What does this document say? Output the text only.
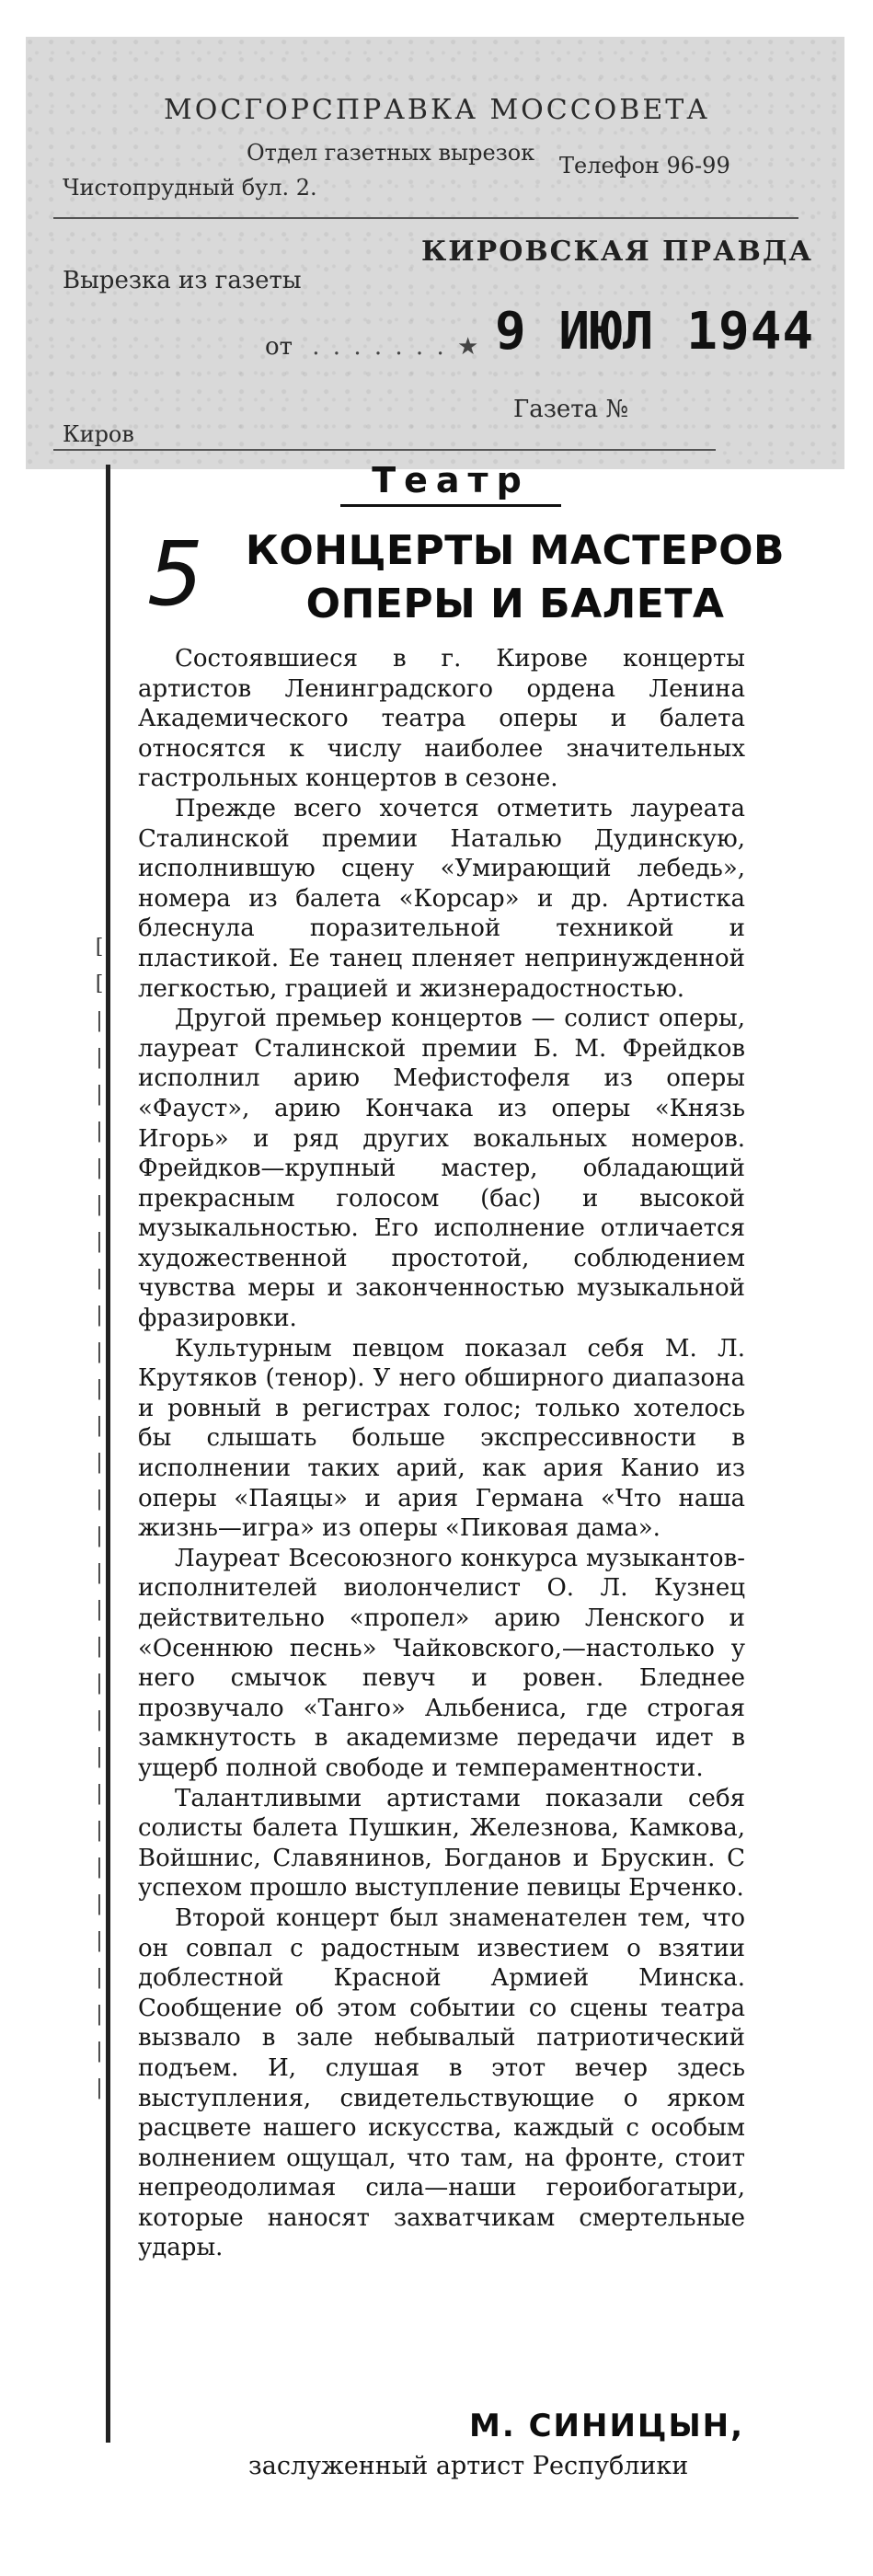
МОСГОРСПРАВКА МОССОВЕТА
Отдел газетных вырезок	Телефон 96-99
Чистопрудный бул. 2.
Вырезка из газеты
КИРОВСКАЯ ПРАВДА
от . . . . . . . ★ 9 ИЮЛ 1944
Киров
Газета №
[
[
|
|
|
|
|
|
|
|
|
|
|
|
|
|
|
|
|
|
|
|
|
|
|
|
|
|
|
|
|
|
Театр
5 КОНЦЕРТЫ МАСТЕРОВ
ОПЕРЫ И БАЛЕТА

Состоявшиеся в г. Кирове концерты артистов Ленинградского ордена Ленина Академического театра оперы и балета относятся к числу наиболее значительных гастрольных концертов в сезоне.

Прежде всего хочется отметить лауреата Сталинской премии Наталью Дудинскую, исполнившую сцену «Умирающий лебедь», номера из балета «Корсар» и др. Артистка блеснула поразительной техникой и пластикой. Ее танец пленяет непринужденной легкостью, грацией и жизнерадостностью.

Другой премьер концертов — солист оперы, лауреат Сталинской премии Б. М. Фрейдков исполнил арию Мефистофеля из оперы «Фауст», арию Кончака из оперы «Князь Игорь» и ряд других вокальных номеров. Фрейдков—крупный мастер, обладающий прекрасным голосом (бас) и высокой музыкальностью. Его исполнение отличается художественной простотой, соблюдением чувства меры и законченностью музыкальной фразировки.

Культурным певцом показал себя М. Л. Крутяков (тенор). У него обширного диапазона и ровный в регистрах голос; только хотелось бы слышать больше экспрессивности в исполнении таких арий, как ария Канио из оперы «Паяцы» и ария Германа «Что наша жизнь—игра» из оперы «Пиковая дама».

Лауреат Всесоюзного конкурса музыкантов-исполнителей виолончелист О. Л. Кузнец действительно «пропел» арию Ленского и «Осеннюю песнь» Чайковского,—настолько у него смычок певуч и ровен. Бледнее прозвучало «Танго» Альбениса, где строгая замкнутость в академизме передачи идет в ущерб полной свободе и темпераментности.

Талантливыми артистами показали себя солисты балета Пушкин, Железнова, Камкова, Войшнис, Славянинов, Богданов и Брускин. С успехом прошло выступление певицы Ерченко.

Второй концерт был знаменателен тем, что он совпал с радостным известием о взятии доблестной Красной Армией Минска. Сообщение об этом событии со сцены театра вызвало в зале небывалый патриотический подъем. И, слушая в этот вечер здесь выступления, свидетельствующие о ярком расцвете нашего искусства, каждый с особым волнением ощущал, что там, на фронте, стоит непреодолимая сила—наши героибогатыри, которые наносят захватчикам смертельные удары.

М. СИНИЦЫН,
заслуженный артист Республики
